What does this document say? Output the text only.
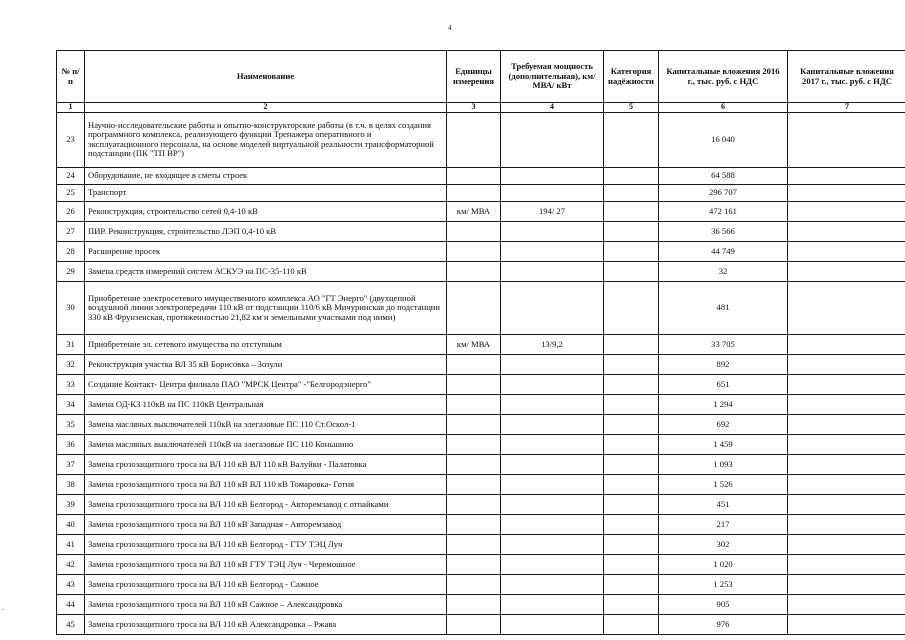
4
№ п/п	Наименование	Единицы измерения	Требуемая мощность (дополнительная), км/ МВА/ кВт	Категория надёжности	Капитальные вложения 2016 г., тыс. руб. с НДС	Капитальные вложения 2017 г., тыс. руб. с НДС
1	2	3	4	5	6	7
23	Научно-исследовательские работы и опытно-конструкторские работы (в т.ч. в целях создания программного комплекса, реализующего функции Тренажера оперативного и эксплуатационного персонала, на основе моделей виртуальной реальности трансформаторной подстанции (ПК "ТП ВР")				16 040	
24	Оборудование, не входящее в сметы строек				64 588	
25	Транспорт				296 707	
26	Реконструкция, строительство сетей 0,4-10 кВ	км/ МВА	194/ 27		472 161	
27	ПИР. Реконструкция, строительство ЛЭП 0,4-10 кВ				36 566	
28	Расширение просек				44 749	
29	Замена средств измерений систем АСКУЭ на ПС-35-110 кВ				32	
30	Приобретение электросетевого имущественного комплекса АО "ГТ Энерго" (двухцепной воздушной линии электропередачи 110 кВ от подстанции 110/6 кВ Мичуринская до подстанции 330 кВ Фрунзенская, протяженностью 21,82 км и земельными участками под ними)				481	
31	Приобретение эл. сетевого имущества по отступным	км/ МВА	13/9,2		33 705	
32	Реконструкция участка ВЛ 35 кВ Борисовка – Зозули				892	
33	Создание Контакт- Центра филиала ПАО "МРСК Центра" -"Белгородэнерго"				651	
34	Замена ОД-КЗ 110кВ на ПС 110кВ Центральная				1 294	
35	Замена масляных выключателей 110кВ на элегазовые ПС 110 Ст.Оскол-1				692	
36	Замена масляных выключателей 110кВ на элегазовые ПС 110 Коньшино				1 459	
37	Замена грозозащитного троса на ВЛ 110 кВ ВЛ 110 кВ Валуйки - Палатовка				1 093	
38	Замена грозозащитного троса на ВЛ 110 кВ ВЛ 110 кВ Томаровка- Готня				1 526	
39	Замена грозозащитного троса на ВЛ 110 кВ Белгород - Авторемзавод с отпайками				451	
40	Замена грозозащитного троса на ВЛ 110 кВ Западная - Авторемзавод				217	
41	Замена грозозащитного троса на ВЛ 110 кВ Белгород - ГТУ ТЭЦ Луч				302	
42	Замена грозозащитного троса на ВЛ 110 кВ ГТУ ТЭЦ Луч - Черемошное				1 020	
43	Замена грозозащитного троса на ВЛ 110 кВ Белгород - Сажное				1 253	
44	Замена грозозащитного троса на ВЛ 110 кВ Сажное – Александровка				905	
45	Замена грозозащитного троса на ВЛ 110 кВ Александровка – Ржава				976	
·
